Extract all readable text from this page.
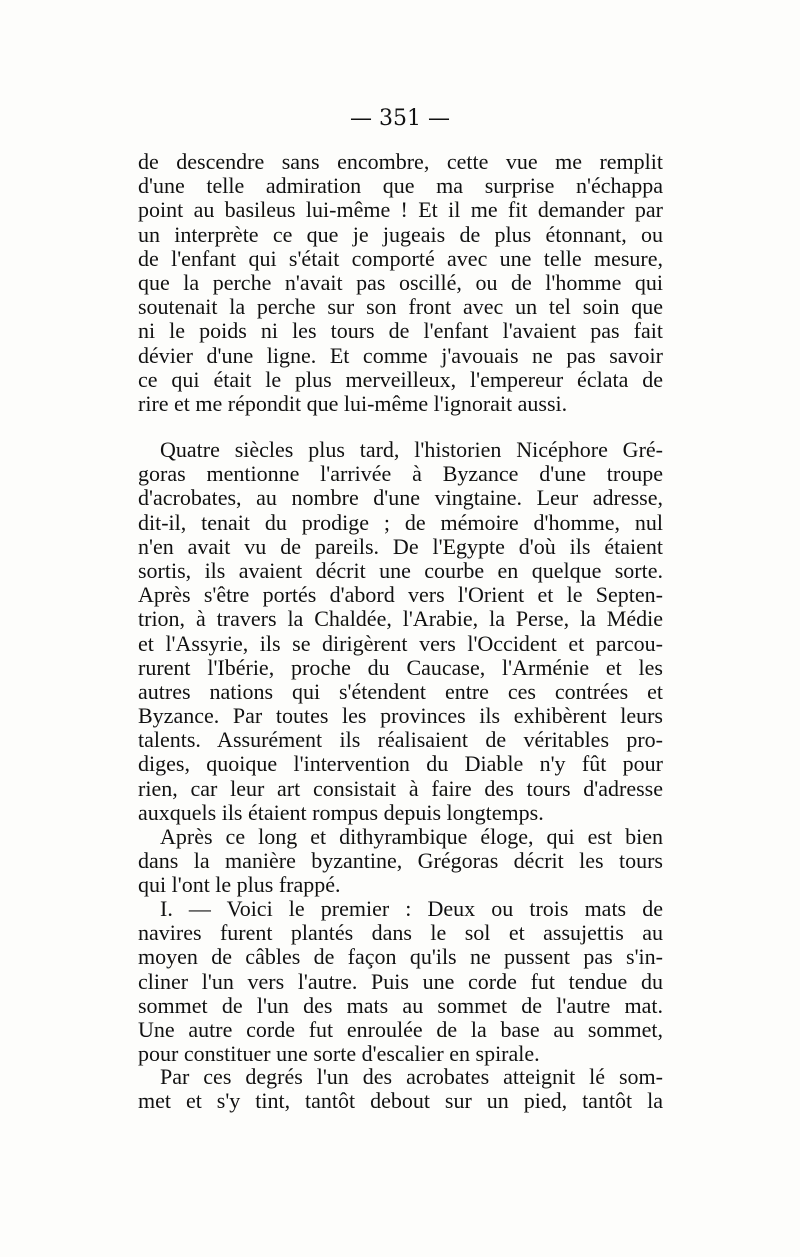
— 351 —
de descendre sans encombre, cette vue me remplit
d'une telle admiration que ma surprise n'échappa
point au basileus lui-même ! Et il me fit demander par
un interprète ce que je jugeais de plus étonnant, ou
de l'enfant qui s'était comporté avec une telle mesure,
que la perche n'avait pas oscillé, ou de l'homme qui
soutenait la perche sur son front avec un tel soin que
ni le poids ni les tours de l'enfant l'avaient pas fait
dévier d'une ligne. Et comme j'avouais ne pas savoir
ce qui était le plus merveilleux, l'empereur éclata de
rire et me répondit que lui-même l'ignorait aussi.
Quatre siècles plus tard, l'historien Nicéphore Gré-
goras mentionne l'arrivée à Byzance d'une troupe
d'acrobates, au nombre d'une vingtaine. Leur adresse,
dit-il, tenait du prodige ; de mémoire d'homme, nul
n'en avait vu de pareils. De l'Egypte d'où ils étaient
sortis, ils avaient décrit une courbe en quelque sorte.
Après s'être portés d'abord vers l'Orient et le Septen-
trion, à travers la Chaldée, l'Arabie, la Perse, la Médie
et l'Assyrie, ils se dirigèrent vers l'Occident et parcou-
rurent l'Ibérie, proche du Caucase, l'Arménie et les
autres nations qui s'étendent entre ces contrées et
Byzance. Par toutes les provinces ils exhibèrent leurs
talents. Assurément ils réalisaient de véritables pro-
diges, quoique l'intervention du Diable n'y fût pour
rien, car leur art consistait à faire des tours d'adresse
auxquels ils étaient rompus depuis longtemps.
Après ce long et dithyrambique éloge, qui est bien
dans la manière byzantine, Grégoras décrit les tours
qui l'ont le plus frappé.
I. — Voici le premier : Deux ou trois mats de
navires furent plantés dans le sol et assujettis au
moyen de câbles de façon qu'ils ne pussent pas s'in-
cliner l'un vers l'autre. Puis une corde fut tendue du
sommet de l'un des mats au sommet de l'autre mat.
Une autre corde fut enroulée de la base au sommet,
pour constituer une sorte d'escalier en spirale.
Par ces degrés l'un des acrobates atteignit lé som-
met et s'y tint, tantôt debout sur un pied, tantôt la
